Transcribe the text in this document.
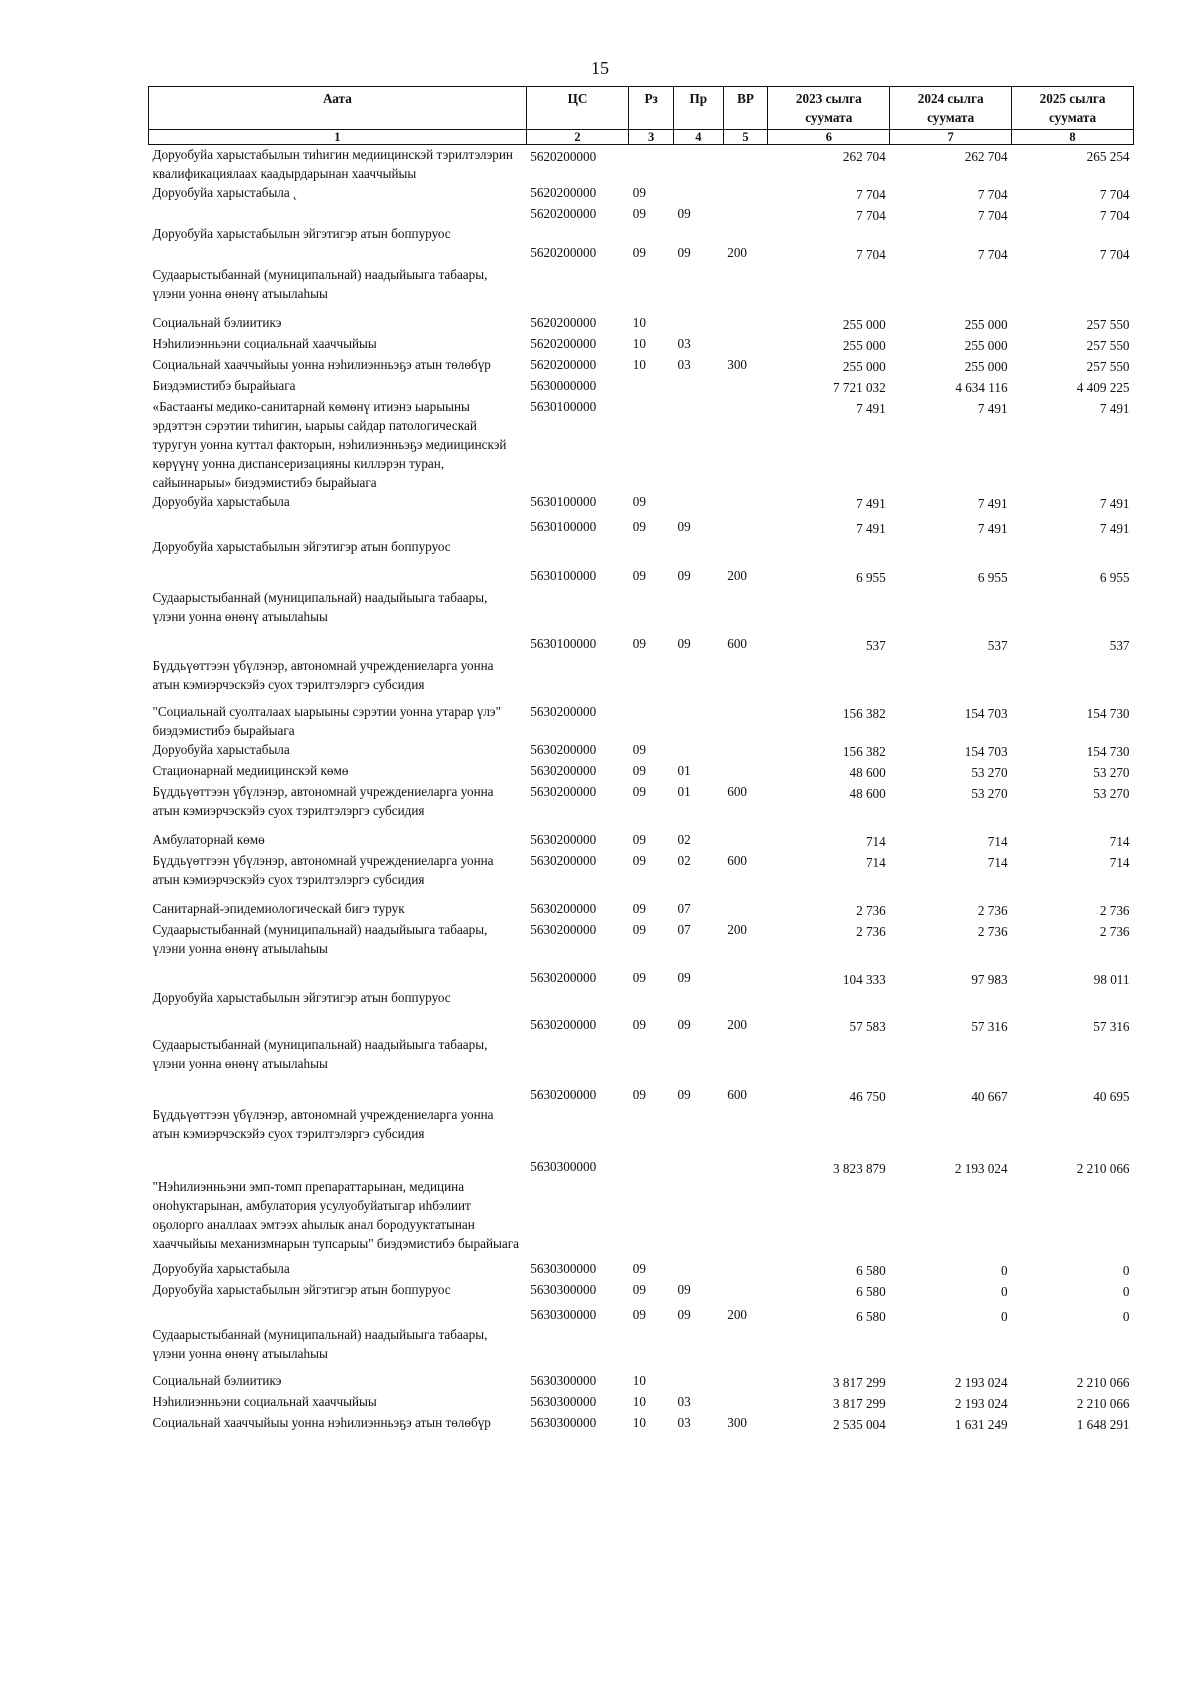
15
Аата	ЦС	Рз	Пр	ВР	2023 сылга суумата	2024 сылга суумата	2025 сылга суумата
1	2	3	4	5	6	7	8
Доруобуйа харыстабылын тиһигин медиицинскэй тэрилтэлэрин квалификациялаах каадырдарынан хааччыйыы	5620200000				262 704	262 704	265 254
Доруобуйа харыстабыла ˛	5620200000	09			7 704	7 704	7 704
Доруобуйа харыстабылын эйгэтигэр атын боппуруос	5620200000	09	09		7 704	7 704	7 704
Судаарыстыбаннай (муниципальнай) наадыйыыга табаары, үлэни уонна өнөнү атыылаһыы	5620200000	09	09	200	7 704	7 704	7 704
Социальнай бэлиитикэ	5620200000	10			255 000	255 000	257 550
Нэһилиэнньэни социальнай хааччыйыы	5620200000	10	03		255 000	255 000	257 550
Социальнай хааччыйыы уонна нэһилиэнньэҕэ атын төлөбүр	5620200000	10	03	300	255 000	255 000	257 550
Биэдэмистибэ бырайыага	5630000000				7 721 032	4 634 116	4 409 225
«Бастааҥы медико-санитарнай көмөнү итиэнэ ыарыыны эрдэттэн сэрэтии тиһигин, ыарыы сайдар патологическай туругун уонна куттал факторын, нэһилиэнньэҕэ медиицинскэй көрүүнү уонна диспансеризацияны киллэрэн туран, сайыннарыы» биэдэмистибэ бырайыага	5630100000				7 491	7 491	7 491
Доруобуйа харыстабыла	5630100000	09			7 491	7 491	7 491
Доруобуйа харыстабылын эйгэтигэр атын боппуруос	5630100000	09	09		7 491	7 491	7 491
Судаарыстыбаннай (муниципальнай) наадыйыыга табаары, үлэни уонна өнөнү атыылаһыы	5630100000	09	09	200	6 955	6 955	6 955
Бүддьүөттээн үбүлэнэр, автономнай учреждениеларга уонна атын кэмиэрчэскэйэ суох тэрилтэлэргэ субсидия	5630100000	09	09	600	537	537	537
"Социальнай суолталаах ыарыыны сэрэтии уонна утарар үлэ" биэдэмистибэ бырайыага	5630200000				156 382	154 703	154 730
Доруобуйа харыстабыла	5630200000	09			156 382	154 703	154 730
Стационарнай медиицинскэй көмө	5630200000	09	01		48 600	53 270	53 270
Бүддьүөттээн үбүлэнэр, автономнай учреждениеларга уонна атын кэмиэрчэскэйэ суох тэрилтэлэргэ субсидия	5630200000	09	01	600	48 600	53 270	53 270
Амбулаторнай көмө	5630200000	09	02		714	714	714
Бүддьүөттээн үбүлэнэр, автономнай учреждениеларга уонна атын кэмиэрчэскэйэ суох тэрилтэлэргэ субсидия	5630200000	09	02	600	714	714	714
Санитарнай-эпидемиологическай бигэ турук	5630200000	09	07		2 736	2 736	2 736
Судаарыстыбаннай (муниципальнай) наадыйыыга табаары, үлэни уонна өнөнү атыылаһыы	5630200000	09	07	200	2 736	2 736	2 736
Доруобуйа харыстабылын эйгэтигэр атын боппуруос	5630200000	09	09		104 333	97 983	98 011
Судаарыстыбаннай (муниципальнай) наадыйыыга табаары, үлэни уонна өнөнү атыылаһыы	5630200000	09	09	200	57 583	57 316	57 316
Бүддьүөттээн үбүлэнэр, автономнай учреждениеларга уонна атын кэмиэрчэскэйэ суох тэрилтэлэргэ субсидия	5630200000	09	09	600	46 750	40 667	40 695
"Нэһилиэнньэни эмп-томп препараттарынан, медицина оноһуктарынан, амбулатория усулуобуйатыгар иһбэлиит оҕолорго аналлаах эмтээх аһылык анал бородууктатынан хааччыйыы механизмнарын тупсарыы" биэдэмистибэ бырайыага	5630300000				3 823 879	2 193 024	2 210 066
Доруобуйа харыстабыла	5630300000	09			6 580	0	0
Доруобуйа харыстабылын эйгэтигэр атын боппуруос	5630300000	09	09		6 580	0	0
Судаарыстыбаннай (муниципальнай) наадыйыыга табаары, үлэни уонна өнөнү атыылаһыы	5630300000	09	09	200	6 580	0	0
Социальнай бэлиитикэ	5630300000	10			3 817 299	2 193 024	2 210 066
Нэһилиэнньэни социальнай хааччыйыы	5630300000	10	03		3 817 299	2 193 024	2 210 066
Социальнай хааччыйыы уонна нэһилиэнньэҕэ атын төлөбүр	5630300000	10	03	300	2 535 004	1 631 249	1 648 291
